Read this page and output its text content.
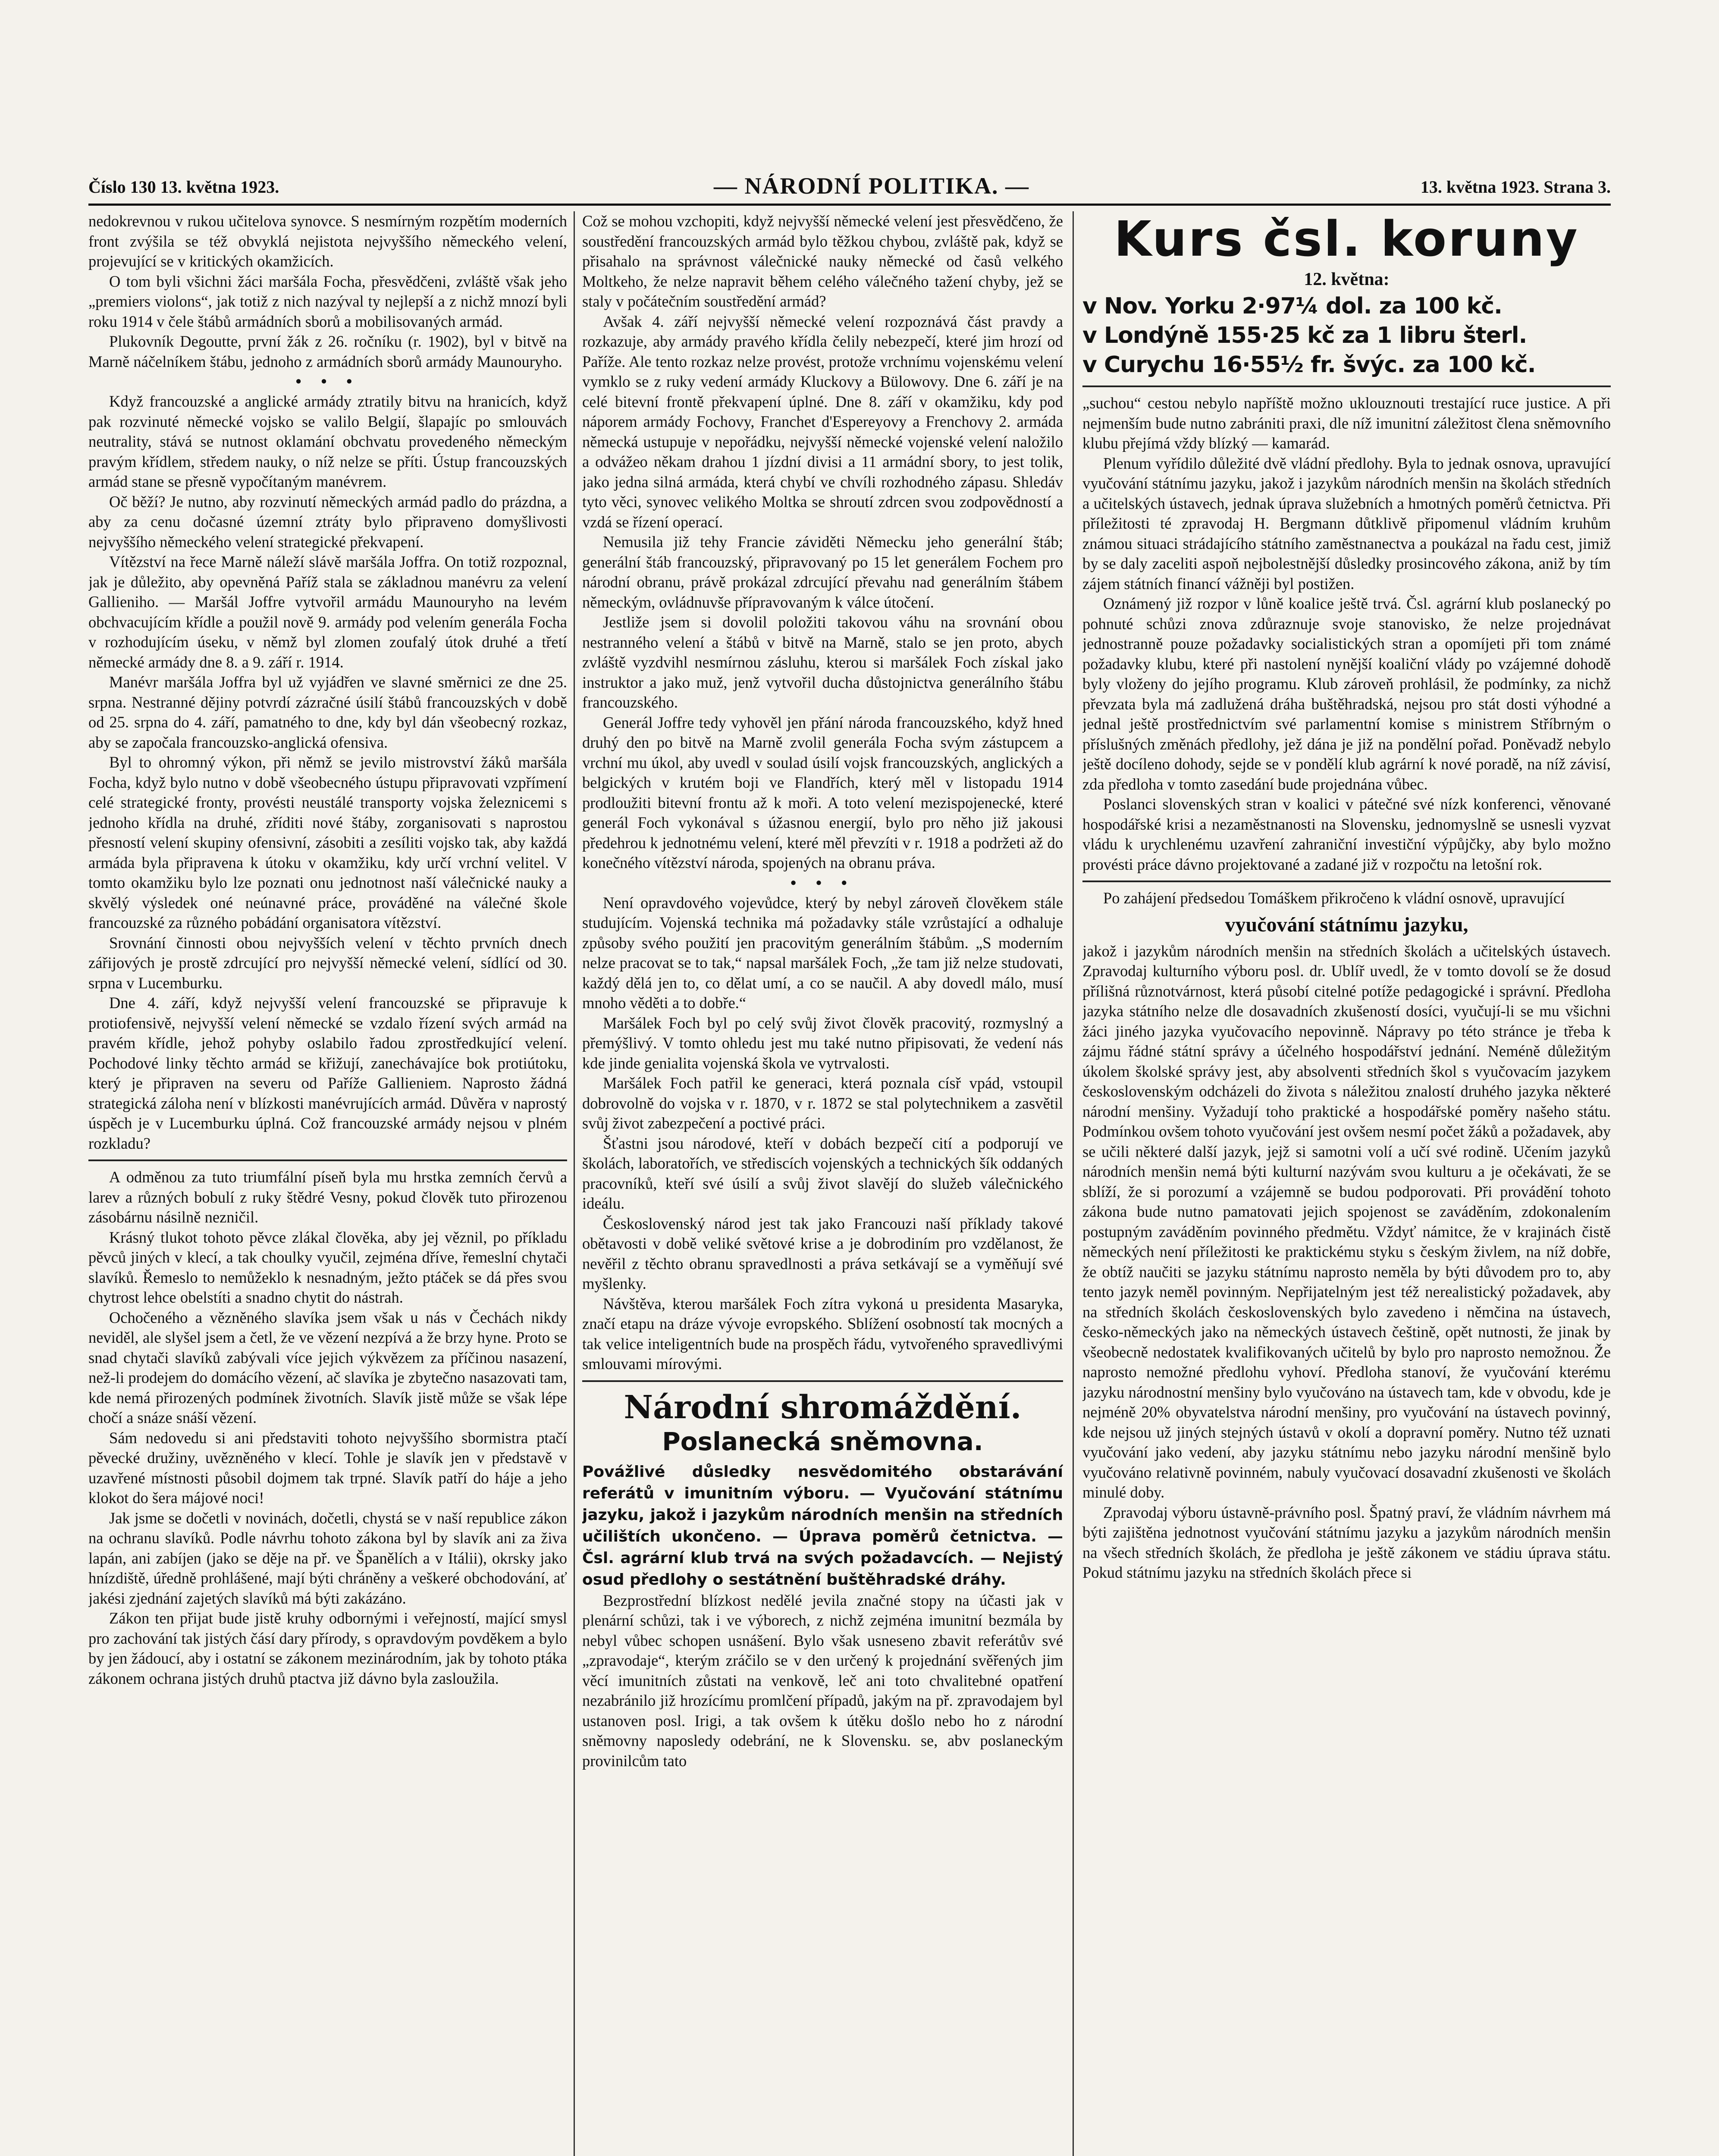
Číslo 130 13. května 1923.	— NÁRODNÍ POLITIKA. —	13. května 1923. Strana 3.

nedokrevnou v rukou učitelova synovce. S nesmírným rozpětím moderních front zvýšila se též obvyklá nejistota nejvyššího německého velení, projevující se v kritických okamžicích.

O tom byli všichni žáci maršála Focha, přesvědčeni, zvláště však jeho „premiers violons“, jak totiž z nich nazýval ty nejlepší a z nichž mnozí byli roku 1914 v čele štábů armádních sborů a mobilisovaných armád.

Plukovník Degoutte, první žák z 26. ročníku (r. 1902), byl v bitvě na Marně náčelníkem štábu, jednoho z armádních sborů armády Maunouryho.

• • •

Když francouzské a anglické armády ztratily bitvu na hranicích, když pak rozvinuté německé vojsko se valilo Belgií, šlapajíc po smlouvách neutrality, stává se nutnost oklamání obchvatu provedeného německým pravým křídlem, středem nauky, o níž nelze se příti. Ústup francouzských armád stane se přesně vypočítaným manévrem.

Oč běží? Je nutno, aby rozvinutí německých armád padlo do prázdna, a aby za cenu dočasné územní ztráty bylo připraveno domyšlivosti nejvyššího německého velení strategické překvapení.

Vítězství na řece Marně náleží slávě maršála Joffra. On totiž rozpoznal, jak je důležito, aby opevněná Paříž stala se základnou manévru za velení Gallieniho. — Maršál Joffre vytvořil armádu Maunouryho na levém obchvacujícím křídle a použil nově 9. armády pod velením generála Focha v rozhodujícím úseku, v němž byl zlomen zoufalý útok druhé a třetí německé armády dne 8. a 9. září r. 1914.

Manévr maršála Joffra byl už vyjádřen ve slavné směrnici ze dne 25. srpna. Nestranné dějiny potvrdí zázračné úsilí štábů francouzských v době od 25. srpna do 4. září, pamatného to dne, kdy byl dán všeobecný rozkaz, aby se započala francouzsko-anglická ofensiva.

Byl to ohromný výkon, při němž se jevilo mistrovství žáků maršála Focha, když bylo nutno v době všeobecného ústupu připravovati vzpřímení celé strategické fronty, provésti neustálé transporty vojska železnicemi s jednoho křídla na druhé, zříditi nové štáby, zorganisovati s naprostou přesností velení skupiny ofensivní, zásobiti a zesíliti vojsko tak, aby každá armáda byla připravena k útoku v okamžiku, kdy určí vrchní velitel. V tomto okamžiku bylo lze poznati onu jednotnost naší válečnické nauky a skvělý výsledek oné neúnavné práce, prováděné na válečné škole francouzské za různého pobádání organisatora vítězství.

Srovnání činnosti obou nejvyšších velení v těchto prvních dnech zářijových je prostě zdrcující pro nejvyšší německé velení, sídlící od 30. srpna v Lucemburku.

Dne 4. září, když nejvyšší velení francouzské se připravuje k protiofensivě, nejvyšší velení německé se vzdalo řízení svých armád na pravém křídle, jehož pohyby oslabilo řadou zprostředkující velení. Pochodové linky těchto armád se křižují, zanechávajíce bok protiútoku, který je připraven na severu od Paříže Gallieniem. Naprosto žádná strategická záloha není v blízkosti manévrujících armád. Důvěra v naprostý úspěch je v Lucemburku úplná. Což francouzské armády nejsou v plném rozkladu?

A odměnou za tuto triumfální píseň byla mu hrstka zemních červů a larev a různých bobulí z ruky štědré Vesny, pokud člověk tuto přirozenou zásobárnu násilně nezničil.

Krásný tlukot tohoto pěvce zlákal člověka, aby jej věznil, po příkladu pěvců jiných v klecí, a tak choulky vyučil, zejména dříve, řemeslní chytači slavíků. Řemeslo to nemůžeklo k nesnadným, ježto ptáček se dá přes svou chytrost lehce obelstíti a snadno chytit do nástrah.

Ochočeného a vězněného slavíka jsem však u nás v Čechách nikdy neviděl, ale slyšel jsem a četl, že ve vězení nezpívá a že brzy hyne. Proto se snad chytači slavíků zabývali více jejich výkvězem za příčinou nasazení, než-li prodejem do domácího vězení, ač slavíka je zbytečno nasazovati tam, kde nemá přirozených podmínek životních. Slavík jistě může se však lépe chočí a snáze snáší vězení.

Sám nedovedu si ani představiti tohoto nejvyššího sbormistra ptačí pěvecké družiny, uvězněného v klecí. Tohle je slavík jen v představě v uzavřené místnosti působil dojmem tak trpné. Slavík patří do háje a jeho klokot do šera májové noci!

Jak jsme se dočetli v novinách, dočetli, chystá se v naší republice zákon na ochranu slavíků. Podle návrhu tohoto zákona byl by slavík ani za živa lapán, ani zabíjen (jako se děje na př. ve Španělích a v Itálii), okrsky jako hnízdiště, úředně prohlášené, mají býti chráněny a veškeré obchodování, ať jakési zjednání zajetých slavíků má býti zakázáno.

Zákon ten přijat bude jistě kruhy odbornými i veřejností, mající smysl pro zachování tak jistých čásí dary přírody, s opravdovým povděkem a bylo by jen žádoucí, aby i ostatní se zákonem mezinárodním, jak by tohoto ptáka zákonem ochrana jistých druhů ptactva již dávno byla zasloužila.

Což se mohou vzchopiti, když nejvyšší německé velení jest přesvědčeno, že soustředění francouzských armád bylo těžkou chybou, zvláště pak, když se přisahalo na správnost válečnické nauky německé od časů velkého Moltkeho, že nelze napravit během celého válečného tažení chyby, jež se staly v počátečním soustředění armád?

Avšak 4. září nejvyšší německé velení rozpoznává část pravdy a rozkazuje, aby armády pravého křídla čelily nebezpečí, které jim hrozí od Paříže. Ale tento rozkaz nelze provést, protože vrchnímu vojenskému velení vymklo se z ruky vedení armády Kluckovy a Bülowovy. Dne 6. září je na celé bitevní frontě překvapení úplné. Dne 8. září v okamžiku, kdy pod náporem armády Fochovy, Franchet d'Espereyovy a Frenchovy 2. armáda německá ustupuje v nepořádku, nejvyšší německé vojenské velení naložilo a odvážeo někam drahou 1 jízdní divisi a 11 armádní sbory, to jest tolik, jako jedna silná armáda, která chybí ve chvíli rozhodného zápasu. Shledáv tyto věci, synovec velikého Moltka se shroutí zdrcen svou zodpovědností a vzdá se řízení operací.

Nemusila již tehy Francie záviděti Německu jeho generální štáb; generální štáb francouzský, připravovaný po 15 let generálem Fochem pro národní obranu, právě prokázal zdrcující převahu nad generálním štábem německým, ovládnuvše přípravovaným k válce útočení.

Jestliže jsem si dovolil položiti takovou váhu na srovnání obou nestranného velení a štábů v bitvě na Marně, stalo se jen proto, abych zvláště vyzdvihl nesmírnou zásluhu, kterou si maršálek Foch získal jako instruktor a jako muž, jenž vytvořil ducha důstojnictva generálního štábu francouzského.

Generál Joffre tedy vyhověl jen přání národa francouzského, když hned druhý den po bitvě na Marně zvolil generála Focha svým zástupcem a vrchní mu úkol, aby uvedl v soulad úsilí vojsk francouzských, anglických a belgických v krutém boji ve Flandřích, který měl v listopadu 1914 prodloužiti bitevní frontu až k moři. A toto velení mezispojenecké, které generál Foch vykonával s úžasnou energií, bylo pro něho již jakousi předehrou k jednotnému velení, které měl převzíti v r. 1918 a podržeti až do konečného vítězství národa, spojených na obranu práva.

• • •

Není opravdového vojevůdce, který by nebyl zároveň člověkem stále studujícím. Vojenská technika má požadavky stále vzrůstající a odhaluje způsoby svého použití jen pracovitým generálním štábům. „S moderním nelze pracovat se to tak,“ napsal maršálek Foch, „že tam již nelze studovati, každý dělá jen to, co dělat umí, a co se naučil. A aby dovedl málo, musí mnoho věděti a to dobře.“

Maršálek Foch byl po celý svůj život člověk pracovitý, rozmyslný a přemýšlivý. V tomto ohledu jest mu také nutno připisovati, že vedení nás kde jinde genialita vojenská škola ve vytrvalosti.

Maršálek Foch patřil ke generaci, která poznala císř vpád, vstoupil dobrovolně do vojska v r. 1870, v r. 1872 se stal polytechnikem a zasvětil svůj život zabezpečení a poctivé práci.

Šťastni jsou národové, kteří v dobách bezpečí cití a podporují ve školách, laboratořích, ve střediscích vojenských a technických šík oddaných pracovníků, kteří své úsilí a svůj život slavějí do služeb válečnického ideálu.

Československý národ jest tak jako Francouzi naší příklady takové obětavosti v době veliké světové krise a je dobrodiním pro vzdělanost, že nevěřil z těchto obranu spravedlnosti a práva setkávají se a vyměňují své myšlenky.

Návštěva, kterou maršálek Foch zítra vykoná u presidenta Masaryka, značí etapu na dráze vývoje evropského. Sblížení osobností tak mocných a tak velice inteligentních bude na prospěch řádu, vytvořeného spravedlivými smlouvami mírovými.

Národní shromáždění.
Poslanecká sněmovna.
Povážlivé důsledky nesvědomitého obstarávání referátů v imunitním výboru. — Vyučování státnímu jazyku, jakož i jazykům národních menšin na středních učilištích ukončeno. — Úprava poměrů četnictva. — Čsl. agrární klub trvá na svých požadavcích. — Nejistý osud předlohy o sestátnění buštěhradské dráhy.

Bezprostřední blízkost nedělé jevila značné stopy na účasti jak v plenární schůzi, tak i ve výborech, z nichž zejména imunitní bezmála by nebyl vůbec schopen usnášení. Bylo však usneseno zbavit referátův své „zpravodaje“, kterým zráčilo se v den určený k projednání svěřených jim věcí imunitních zůstati na venkově, leč ani toto chvalitebné opatření nezabránilo již hrozícímu promlčení případů, jakým na př. zpravodajem byl ustanoven posl. Irigi, a tak ovšem k útěku došlo nebo ho z národní sněmovny naposledy odebrání, ne k Slovensku. se, abv poslaneckým provinilcům tato

Kurs čsl. koruny
12. května:
v Nov. Yorku 2·97¼ dol. za 100 kč.
v Londýně 155·25 kč za 1 libru šterl.
v Curychu 16·55½ fr. švýc. za 100 kč.

„suchou“ cestou nebylo napříště možno uklouznouti trestající ruce justice. A při nejmenším bude nutno zabrániti praxi, dle níž imunitní záležitost člena sněmovního klubu přejímá vždy blízký — kamarád.

Plenum vyřídilo důležité dvě vládní předlohy. Byla to jednak osnova, upravující vyučování státnímu jazyku, jakož i jazykům národních menšin na školách středních a učitelských ústavech, jednak úprava služebních a hmotných poměrů četnictva. Při příležitosti té zpravodaj H. Bergmann důtklivě připomenul vládním kruhům známou situaci strádajícího státního zaměstnanectva a poukázal na řadu cest, jimiž by se daly zaceliti aspoň nejbolestnější důsledky prosincového zákona, aniž by tím zájem státních financí vážněji byl postižen.

Oznámený již rozpor v lůně koalice ještě trvá. Čsl. agrární klub poslanecký po pohnuté schůzi znova zdůraznuje svoje stanovisko, že nelze projednávat jednostranně pouze požadavky socialistických stran a opomíjeti při tom známé požadavky klubu, které při nastolení nynější koaliční vlády po vzájemné dohodě byly vloženy do jejího programu. Klub zároveň prohlásil, že podmínky, za nichž převzata byla má zadlužená dráha buštěhradská, nejsou pro stát dosti výhodné a jednal ještě prostřednictvím své parlamentní komise s ministrem Stříbrným o příslušných změnách předlohy, jež dána je již na pondělní pořad. Poněvadž nebylo ještě docíleno dohody, sejde se v pondělí klub agrární k nové poradě, na níž závisí, zda předloha v tomto zasedání bude projednána vůbec.

Poslanci slovenských stran v koalici v pátečné své nízk konferenci, věnované hospodářské krisi a nezaměstnanosti na Slovensku, jednomyslně se usnesli vyzvat vládu k urychlenému uzavření zahraniční investiční výpůjčky, aby bylo možno provésti práce dávno projektované a zadané již v rozpočtu na letošní rok.

Po zahájení předsedou Tomáškem přikročeno k vládní osnově, upravující

vyučování státnímu jazyku,

jakož i jazykům národních menšin na středních školách a učitelských ústavech. Zpravodaj kulturního výboru posl. dr. Ublíř uvedl, že v tomto dovolí se že dosud přílišná různotvárnost, která působí citelné potíže pedagogické i správní. Předloha jazyka státního nelze dle dosavadních zkušeností dosíci, vyučují-li se mu všichni žáci jiného jazyka vyučovacího nepovinně. Nápravy po této stránce je třeba k zájmu řádné státní správy a účelného hospodářství jednání. Neméně důležitým úkolem školské správy jest, aby absolventi středních škol s vyučovacím jazykem československým odcházeli do života s náležitou znalostí druhého jazyka některé národní menšiny. Vyžadují toho praktické a hospodářské poměry našeho státu. Podmínkou ovšem tohoto vyučování jest ovšem nesmí počet žáků a požadavek, aby se učili některé další jazyk, jejž si samotni volí a učí své rodině. Učením jazyků národních menšin nemá býti kulturní nazývám svou kulturu a je očekávati, že se sblíží, že si porozumí a vzájemně se budou podporovati. Při provádění tohoto zákona bude nutno pamatovati jejich spojenost se zaváděním, zdokonalením postupným zaváděním povinného předmětu. Vždyť námitce, že v krajinách čistě německých není příležitosti ke praktickému styku s českým živlem, na níž dobře, že obtíž naučiti se jazyku státnímu naprosto neměla by býti důvodem pro to, aby tento jazyk neměl povinným. Nepřijatelným jest též nerealistický požadavek, aby na středních školách československých bylo zavedeno i němčina na ústavech, česko-německých jako na německých ústavech češtině, opět nutnosti, že jinak by všeobecně nedostatek kvalifikovaných učitelů by bylo pro naprosto nemožnou. Že naprosto nemožné předlohu vyhoví. Předloha stanoví, že vyučování kterému jazyku národnostní menšiny bylo vyučováno na ústavech tam, kde v obvodu, kde je nejméně 20% obyvatelstva národní menšiny, pro vyučování na ústavech povinný, kde nejsou už jiných stejných ústavů v okolí a dopravní poměry. Nutno též uznati vyučování jako vedení, aby jazyku státnímu nebo jazyku národní menšině bylo vyučováno relativně povinném, nabuly vyučovací dosavadní zkušenosti ve školách minulé doby.

Zpravodaj výboru ústavně-právního posl. Špatný praví, že vládním návrhem má býti zajištěna jednotnost vyučování státnímu jazyku a jazykům národních menšin na všech středních školách, že předloha je ještě zákonem ve stádiu úprava státu. Pokud státnímu jazyku na středních školách přece si
